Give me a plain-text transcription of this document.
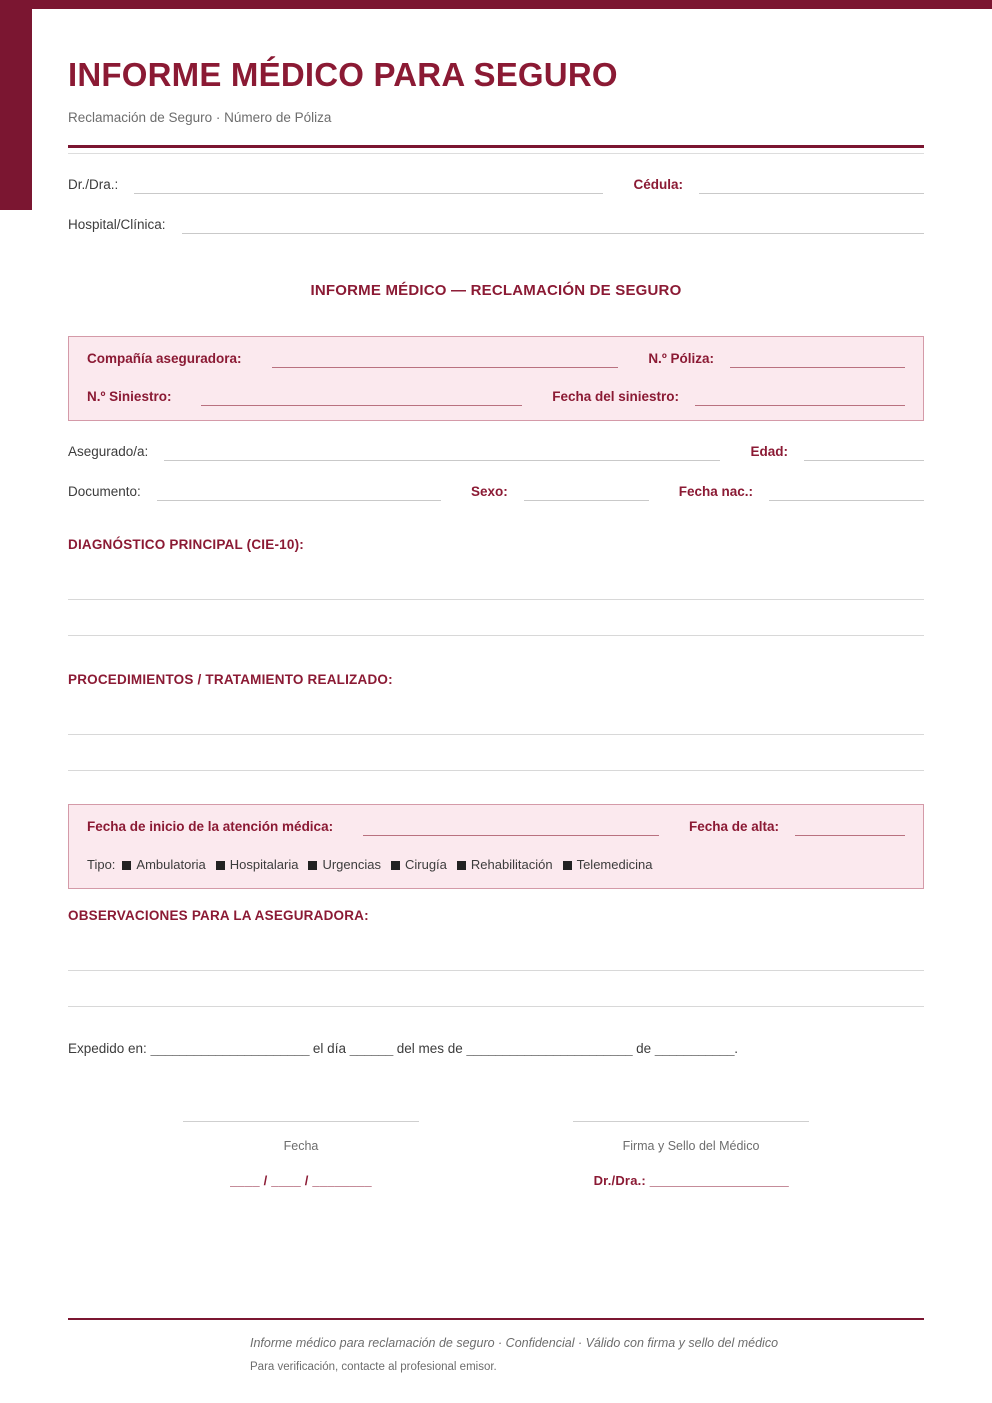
INFORME MÉDICO PARA SEGURO
Reclamación de Seguro · Número de Póliza
Dr./Dra.:	Cédula:
Hospital/Clínica:
INFORME MÉDICO — RECLAMACIÓN DE SEGURO
Compañía aseguradora:	N.º Póliza:
N.º Siniestro:	Fecha del siniestro:
Asegurado/a:	Edad:
Documento:	Sexo:	Fecha nac.:
DIAGNÓSTICO PRINCIPAL (CIE-10):
PROCEDIMIENTOS / TRATAMIENTO REALIZADO:
Fecha de inicio de la atención médica:	Fecha de alta:
Tipo: Ambulatoria Hospitalaria Urgencias Cirugía Rehabilitación Telemedicina
OBSERVACIONES PARA LA ASEGURADORA:
Expedido en: ______________________ el día ______ del mes de _______________________ de ___________.
Fecha
____ / ____ / ________
Firma y Sello del Médico
Dr./Dra.: ____________________
Informe médico para reclamación de seguro · Confidencial · Válido con firma y sello del médico
Para verificación, contacte al profesional emisor.
